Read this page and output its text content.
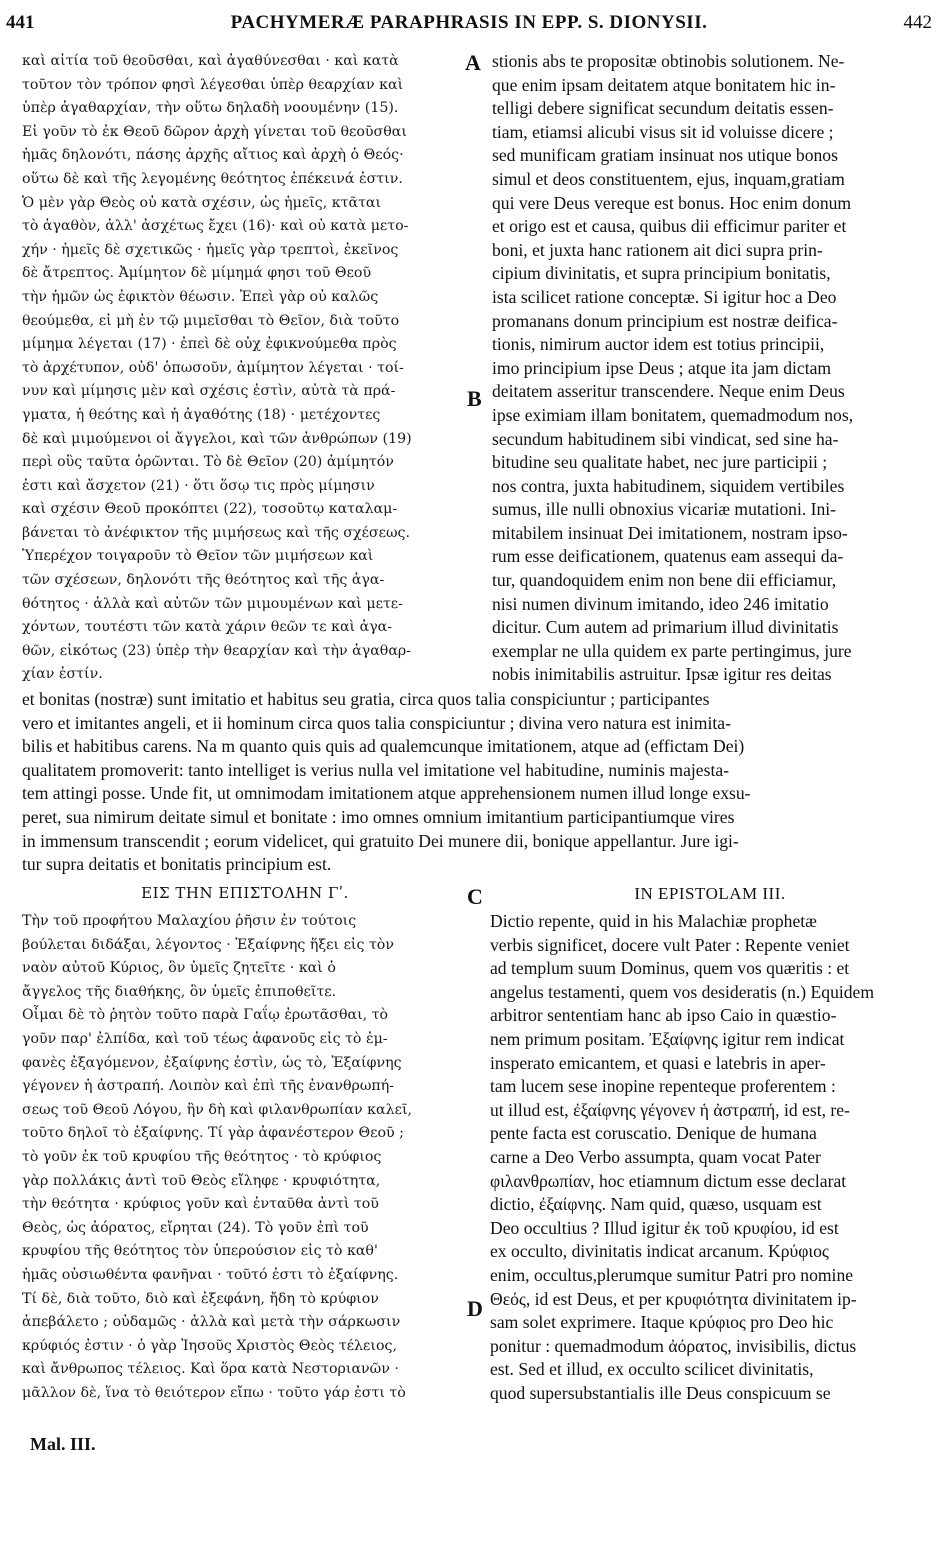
441	PACHYMERÆ PARAPHRASIS IN EPP. S. DIONYSII.	442
A
B
C
D
καὶ αἰτία τοῦ θεοῦσθαι, καὶ ἀγαθύνεσθαι · καὶ κατὰ
τοῦτον τὸν τρόπον φησὶ λέγεσθαι ὑπὲρ θεαρχίαν καὶ
ὑπὲρ ἀγαθαρχίαν, τὴν οὕτω δηλαδὴ νοουμένην (15).
Εἰ γοῦν τὸ ἐκ Θεοῦ δῶρον ἀρχὴ γίνεται τοῦ θεοῦσθαι
ἡμᾶς δηλονότι, πάσης ἀρχῆς αἴτιος καὶ ἀρχὴ ὁ Θεός·
οὕτω δὲ καὶ τῆς λεγομένης θεότητος ἐπέκεινά ἐστιν.
Ὁ μὲν γὰρ Θεὸς οὐ κατὰ σχέσιν, ὡς ἡμεῖς, κτᾶται
τὸ ἀγαθὸν, ἀλλ' ἀσχέτως ἔχει (16)· καὶ οὐ κατὰ μετο-
χήν · ἡμεῖς δὲ σχετικῶς · ἡμεῖς γὰρ τρεπτοὶ, ἐκεῖνος
δὲ ἄτρεπτος. Ἀμίμητον δὲ μίμημά φησι τοῦ Θεοῦ
τὴν ἡμῶν ὡς ἐφικτὸν θέωσιν. Ἐπεὶ γὰρ οὐ καλῶς
θεούμεθα, εἰ μὴ ἐν τῷ μιμεῖσθαι τὸ Θεῖον, διὰ τοῦτο
μίμημα λέγεται (17) · ἐπεὶ δὲ οὐχ ἐφικνούμεθα πρὸς
τὸ ἀρχέτυπον, οὐδ' ὁπωσοῦν, ἀμίμητον λέγεται · τοί-
νυν καὶ μίμησις μὲν καὶ σχέσις ἐστὶν, αὐτὰ τὰ πρά-
γματα, ἡ θεότης καὶ ἡ ἀγαθότης (18) · μετέχοντες
δὲ καὶ μιμούμενοι οἱ ἄγγελοι, καὶ τῶν ἀνθρώπων (19)
περὶ οὓς ταῦτα ὁρῶνται. Τὸ δὲ Θεῖον (20) ἀμίμητόν
ἐστι καὶ ἄσχετον (21) · ὅτι ὅσῳ τις πρὸς μίμησιν
καὶ σχέσιν Θεοῦ προκόπτει (22), τοσοῦτῳ καταλαμ-
βάνεται τὸ ἀνέφικτον τῆς μιμήσεως καὶ τῆς σχέσεως.
Ὑπερέχον τοιγαροῦν τὸ Θεῖον τῶν μιμήσεων καὶ
τῶν σχέσεων, δηλονότι τῆς θεότητος καὶ τῆς ἀγα-
θότητος · ἀλλὰ καὶ αὐτῶν τῶν μιμουμένων καὶ μετε-
χόντων, τουτέστι τῶν κατὰ χάριν θεῶν τε καὶ ἀγα-
θῶν, εἰκότως (23) ὑπὲρ τὴν θεαρχίαν καὶ τὴν ἀγαθαρ-
χίαν ἐστίν.
stionis abs te propositæ obtinobis solutionem. Ne-
que enim ipsam deitatem atque bonitatem hic in-
telligi debere significat secundum deitatis essen-
tiam, etiamsi alicubi visus sit id voluisse dicere ;
sed munificam gratiam insinuat nos utique bonos
simul et deos constituentem, ejus, inquam,gratiam
qui vere Deus vereque est bonus. Hoc enim donum
et origo est et causa, quibus dii efficimur pariter et
boni, et juxta hanc rationem ait dici supra prin-
cipium divinitatis, et supra principium bonitatis,
ista scilicet ratione conceptæ. Si igitur hoc a Deo
promanans donum principium est nostræ deifica-
tionis, nimirum auctor idem est totius principii,
imo principium ipse Deus ; atque ita jam dictam
deitatem asseritur transcendere. Neque enim Deus
ipse eximiam illam bonitatem, quemadmodum nos,
secundum habitudinem sibi vindicat, sed sine ha-
bitudine seu qualitate habet, nec jure participii ;
nos contra, juxta habitudinem, siquidem vertibiles
sumus, ille nulli obnoxius vicariæ mutationi. Ini-
mitabilem insinuat Dei imitationem, nostram ipso-
rum esse deificationem, quatenus eam assequi da-
tur, quandoquidem enim non bene dii efficiamur,
nisi numen divinum imitando, ideo 246 imitatio
dicitur. Cum autem ad primarium illud divinitatis
exemplar ne ulla quidem ex parte pertingimus, jure
nobis inimitabilis astruitur. Ipsæ igitur res deitas
et bonitas (nostræ) sunt imitatio et habitus seu gratia, circa quos talia conspiciuntur ; participantes
vero et imitantes angeli, et ii hominum circa quos talia conspiciuntur ; divina vero natura est inimita-
bilis et habitibus carens. Na m quanto quis quis ad qualemcunque imitationem, atque ad (effictam Dei)
qualitatem promoverit: tanto intelliget is verius nulla vel imitatione vel habitudine, numinis majesta-
tem attingi posse. Unde fit, ut omnimodam imitationem atque apprehensionem numen illud longe exsu-
peret, sua nimirum deitate simul et bonitate : imo omnes omnium imitantium participantiumque vires
in immensum transcendit ; eorum videlicet, qui gratuito Dei munere dii, bonique appellantur. Jure igi-
tur supra deitatis et bonitatis principium est.
ΕΙΣ ΤΗΝ ΕΠΙΣΤΟΛΗΝ Γʹ.	IN EPISTOLAM III.
Τὴν τοῦ προφήτου Μαλαχίου ῥῆσιν ἐν τούτοις
βούλεται διδάξαι, λέγοντος · Ἐξαίφνης ἥξει εἰς τὸν
ναὸν αὐτοῦ Κύριος, ὃν ὑμεῖς ζητεῖτε · καὶ ὁ
ἄγγελος τῆς διαθήκης, ὃν ὑμεῖς ἐπιποθεῖτε.
Οἶμαι δὲ τὸ ῥητὸν τοῦτο παρὰ Γαΐῳ ἐρωτᾶσθαι, τὸ
γοῦν παρ' ἐλπίδα, καὶ τοῦ τέως ἀφανοῦς εἰς τὸ ἐμ-
φανὲς ἐξαγόμενον, ἐξαίφνης ἐστὶν, ὡς τὸ, Ἐξαίφνης
γέγονεν ἡ ἀστραπή. Λοιπὸν καὶ ἐπὶ τῆς ἐνανθρωπή-
σεως τοῦ Θεοῦ Λόγου, ἣν δὴ καὶ φιλανθρωπίαν καλεῖ,
τοῦτο δηλοῖ τὸ ἐξαίφνης. Τί γὰρ ἀφανέστερον Θεοῦ ;
τὸ γοῦν ἐκ τοῦ κρυφίου τῆς θεότητος · τὸ κρύφιος
γὰρ πολλάκις ἀντὶ τοῦ Θεὸς εἴληφε · κρυφιότητα,
τὴν θεότητα · κρύφιος γοῦν καὶ ἐνταῦθα ἀντὶ τοῦ
Θεὸς, ὡς ἀόρατος, εἴρηται (24). Τὸ γοῦν ἐπὶ τοῦ
κρυφίου τῆς θεότητος τὸν ὑπερούσιον εἰς τὸ καθ'
ἡμᾶς οὐσιωθέντα φανῆναι · τοῦτό ἐστι τὸ ἐξαίφνης.
Τί δὲ, διὰ τοῦτο, διὸ καὶ ἐξεφάνη, ἤδη τὸ κρύφιον
ἀπεβάλετο ; οὐδαμῶς · ἀλλὰ καὶ μετὰ τὴν σάρκωσιν
κρύφιός ἐστιν · ὁ γὰρ Ἰησοῦς Χριστὸς Θεὸς τέλειος,
καὶ ἄνθρωπος τέλειος. Καὶ ὅρα κατὰ Νεστοριανῶν ·
μᾶλλον δὲ, ἵνα τὸ θειότερον εἴπω · τοῦτο γάρ ἐστι τὸ
Dictio repente, quid in his Malachiæ prophetæ
verbis significet, docere vult Pater : Repente veniet
ad templum suum Dominus, quem vos quæritis : et
angelus testamenti, quem vos desideratis (n.) Equidem
arbitror sententiam hanc ab ipso Caio in quæstio-
nem primum positam. Ἐξαίφνης igitur rem indicat
insperato emicantem, et quasi e latebris in aper-
tam lucem sese inopine repenteque proferentem :
ut illud est, ἐξαίφνης γέγονεν ἡ ἀστραπή, id est, re-
pente facta est coruscatio. Denique de humana
carne a Deo Verbo assumpta, quam vocat Pater
φιλανθρωπίαν, hoc etiamnum dictum esse declarat
dictio, ἐξαίφνης. Nam quid, quæso, usquam est
Deo occultius ? Illud igitur ἐκ τοῦ κρυφίου, id est
ex occulto, divinitatis indicat arcanum. Κρύφιος
enim, occultus,plerumque sumitur Patri pro nomine
Θεός, id est Deus, et per κρυφιότητα divinitatem ip-
sam solet exprimere. Itaque κρύφιος pro Deo hic
ponitur : quemadmodum ἀόρατος, invisibilis, dictus
est. Sed et illud, ex occulto scilicet divinitatis,
quod supersubstantialis ille Deus conspicuum se
Mal. III.
